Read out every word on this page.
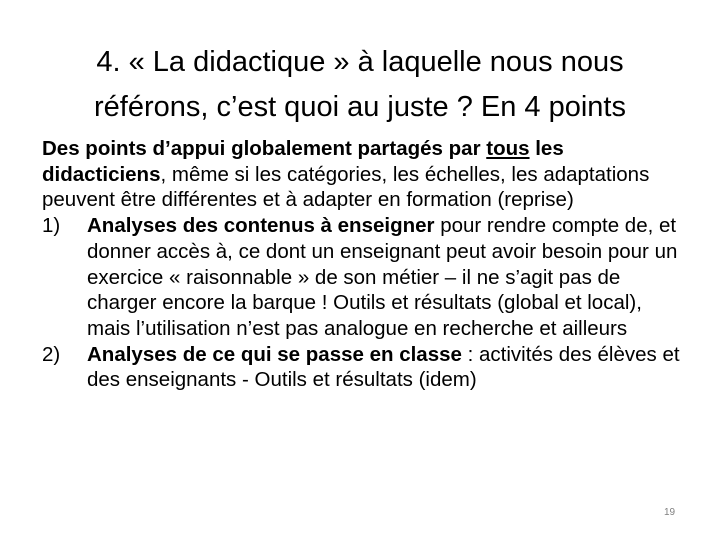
4. « La didactique » à laquelle nous nous
référons, c’est quoi au juste ? En 4 points

Des points d’appui globalement partagés par tous les didacticiens, même si les catégories, les échelles, les adaptations peuvent être différentes et à adapter en formation (reprise)

1) Analyses des contenus à enseigner pour rendre compte de, et donner accès à, ce dont un enseignant peut avoir besoin pour un exercice « raisonnable » de son métier – il ne s’agit pas de charger encore la barque ! Outils et résultats (global et local), mais l’utilisation n’est pas analogue en recherche et ailleurs
2) Analyses de ce qui se passe en classe : activités des élèves et des enseignants - Outils et résultats (idem)
19
